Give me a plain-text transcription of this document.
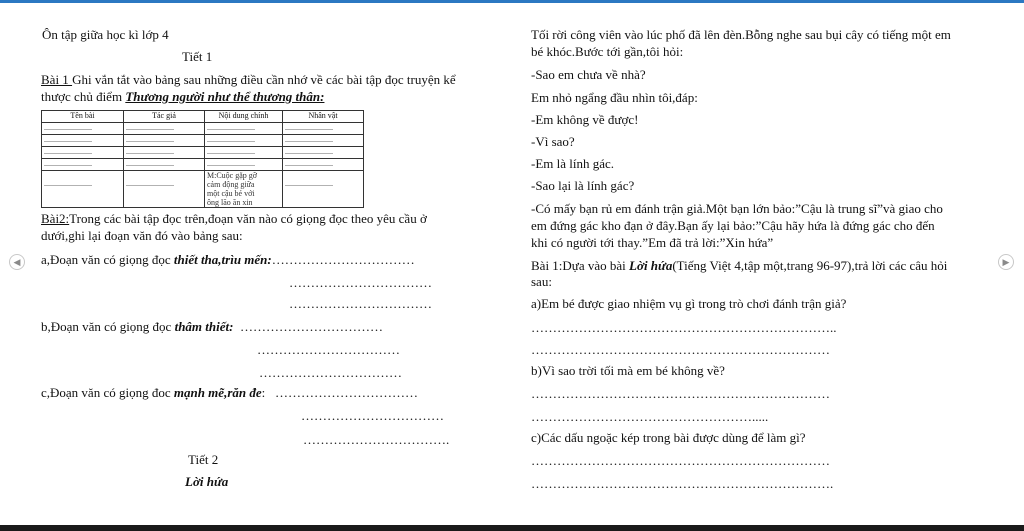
Ôn tập giữa học kì lớp 4
Tiết 1
Bài 1 Ghi vắn tắt vào bảng sau những điều cần nhớ về các bài tập đọc truyện kể
thược chủ điểm Thương người như thể thương thân:
Tên bài	Tác giả	Nội dung chính	Nhân vật
........................	........................	........................	........................
........................	........................	........................	........................
........................	........................	........................	........................
........................	........................	........................	........................
........................	........................	M:Cuộc gặp gỡ
cảm động giữa
một cậu bé với
ông lão ăn xin	........................
Bài2:Trong các bài tập đọc trên,đoạn văn nào có giọng đọc theo yêu cầu ở
dưới,ghi lại đoạn văn đó vào bảng sau:
a,Đoạn văn có giọng đọc thiết tha,trìu mến:……………………………
……………………………
……………………………
b,Đoạn văn có giọng đọc thâm thiết: ……………………………
……………………………
……………………………
c,Đoạn văn có giọng đoc mạnh mẽ,răn đe: ……………………………
……………………………
…………………………….
Tiết 2
Lời hứa
Tối rời công viên vào lúc phố đã lên đèn.Bỗng nghe sau bụi cây có tiếng một em
bé khóc.Bước tới gần,tôi hỏi:
-Sao em chưa về nhà?
Em nhỏ ngẩng đầu nhìn tôi,đáp:
-Em không về được!
-Vì sao?
-Em là lính gác.
-Sao lại là lính gác?
-Có mấy bạn rủ em đánh trận giả.Một bạn lớn bảo:”Cậu là trung sĩ”và giao cho
em đứng gác kho đạn ở đây.Bạn ấy lại bảo:”Cậu hãy hứa là đứng gác cho đến
khi có người tới thay.”Em đã trả lời:”Xin hứa”
Bài 1:Dựa vào bài Lời hứa(Tiếng Việt 4,tập một,trang 96-97),trả lời các câu hỏi
sau:
a)Em bé được giao nhiệm vụ gì trong trò chơi đánh trận giả?
……………………………………………………………..
……………………………………………………………
b)Vì sao trời tối mà em bé không về?
……………………………………………………………
…………………………………………….....
c)Các dấu ngoặc kép trong bài được dùng để làm gì?
……………………………………………………………
…………………………………………………………….
◀	▶
